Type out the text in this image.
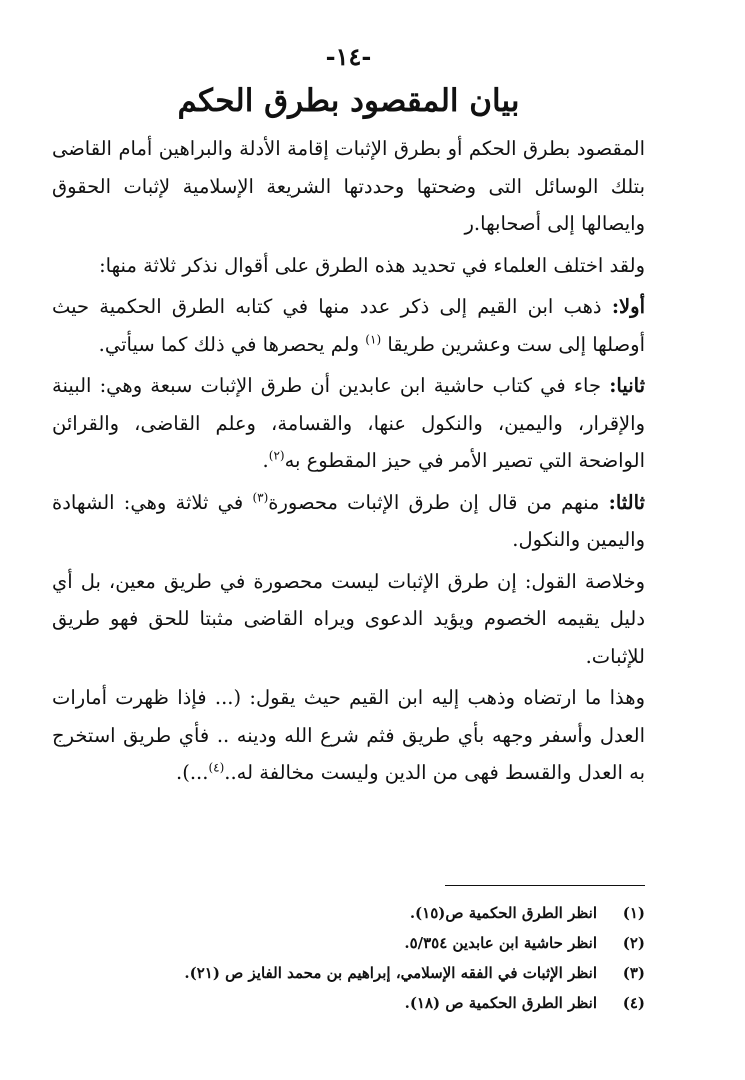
-١٤-
بيان المقصود بطرق الحكم

المقصود بطرق الحكم أو بطرق الإثبات إقامة الأدلة والبراهين أمام القاضى بتلك الوسائل التى وضحتها وحددتها الشريعة الإسلامية لإثبات الحقوق وايصالها إلى أصحابها.ر

ولقد اختلف العلماء في تحديد هذه الطرق على أقوال نذكر ثلاثة منها:

أولا: ذهب ابن القيم إلى ذكر عدد منها في كتابه الطرق الحكمية حيث أوصلها إلى ست وعشرين طريقا $^{(١)}$ ولم يحصرها في ذلك كما سيأتي.

ثانيا: جاء في كتاب حاشية ابن عابدين أن طرق الإثبات سبعة وهي: البينة والإقرار، واليمين، والنكول عنها، والقسامة، وعلم القاضى، والقرائن الواضحة التي تصير الأمر في حيز المقطوع به$^{(٢)}$.

ثالثا: منهم من قال إن طرق الإثبات محصورة$^{(٣)}$ في ثلاثة وهي: الشهادة واليمين والنكول.

وخلاصة القول: إن طرق الإثبات ليست محصورة في طريق معين، بل أي دليل يقيمه الخصوم ويؤيد الدعوى ويراه القاضى مثبتا للحق فهو طريق للإثبات.

وهذا ما ارتضاه وذهب إليه ابن القيم حيث يقول: (... فإذا ظهرت أمارات العدل وأسفر وجهه بأي طريق فثم شرع الله ودينه .. فأي طريق استخرج به العدل والقسط فهى من الدين وليست مخالفة له..$^{(٤)}$...).

(١)
انظر الطرق الحكمية ص(١٥).
(٢)
انظر حاشية ابن عابدين ٥/٣٥٤.
(٣)
انظر الإثبات في الفقه الإسلامي، إبراهيم بن محمد الفايز ص (٢١).
(٤)
انظر الطرق الحكمية ص (١٨).
